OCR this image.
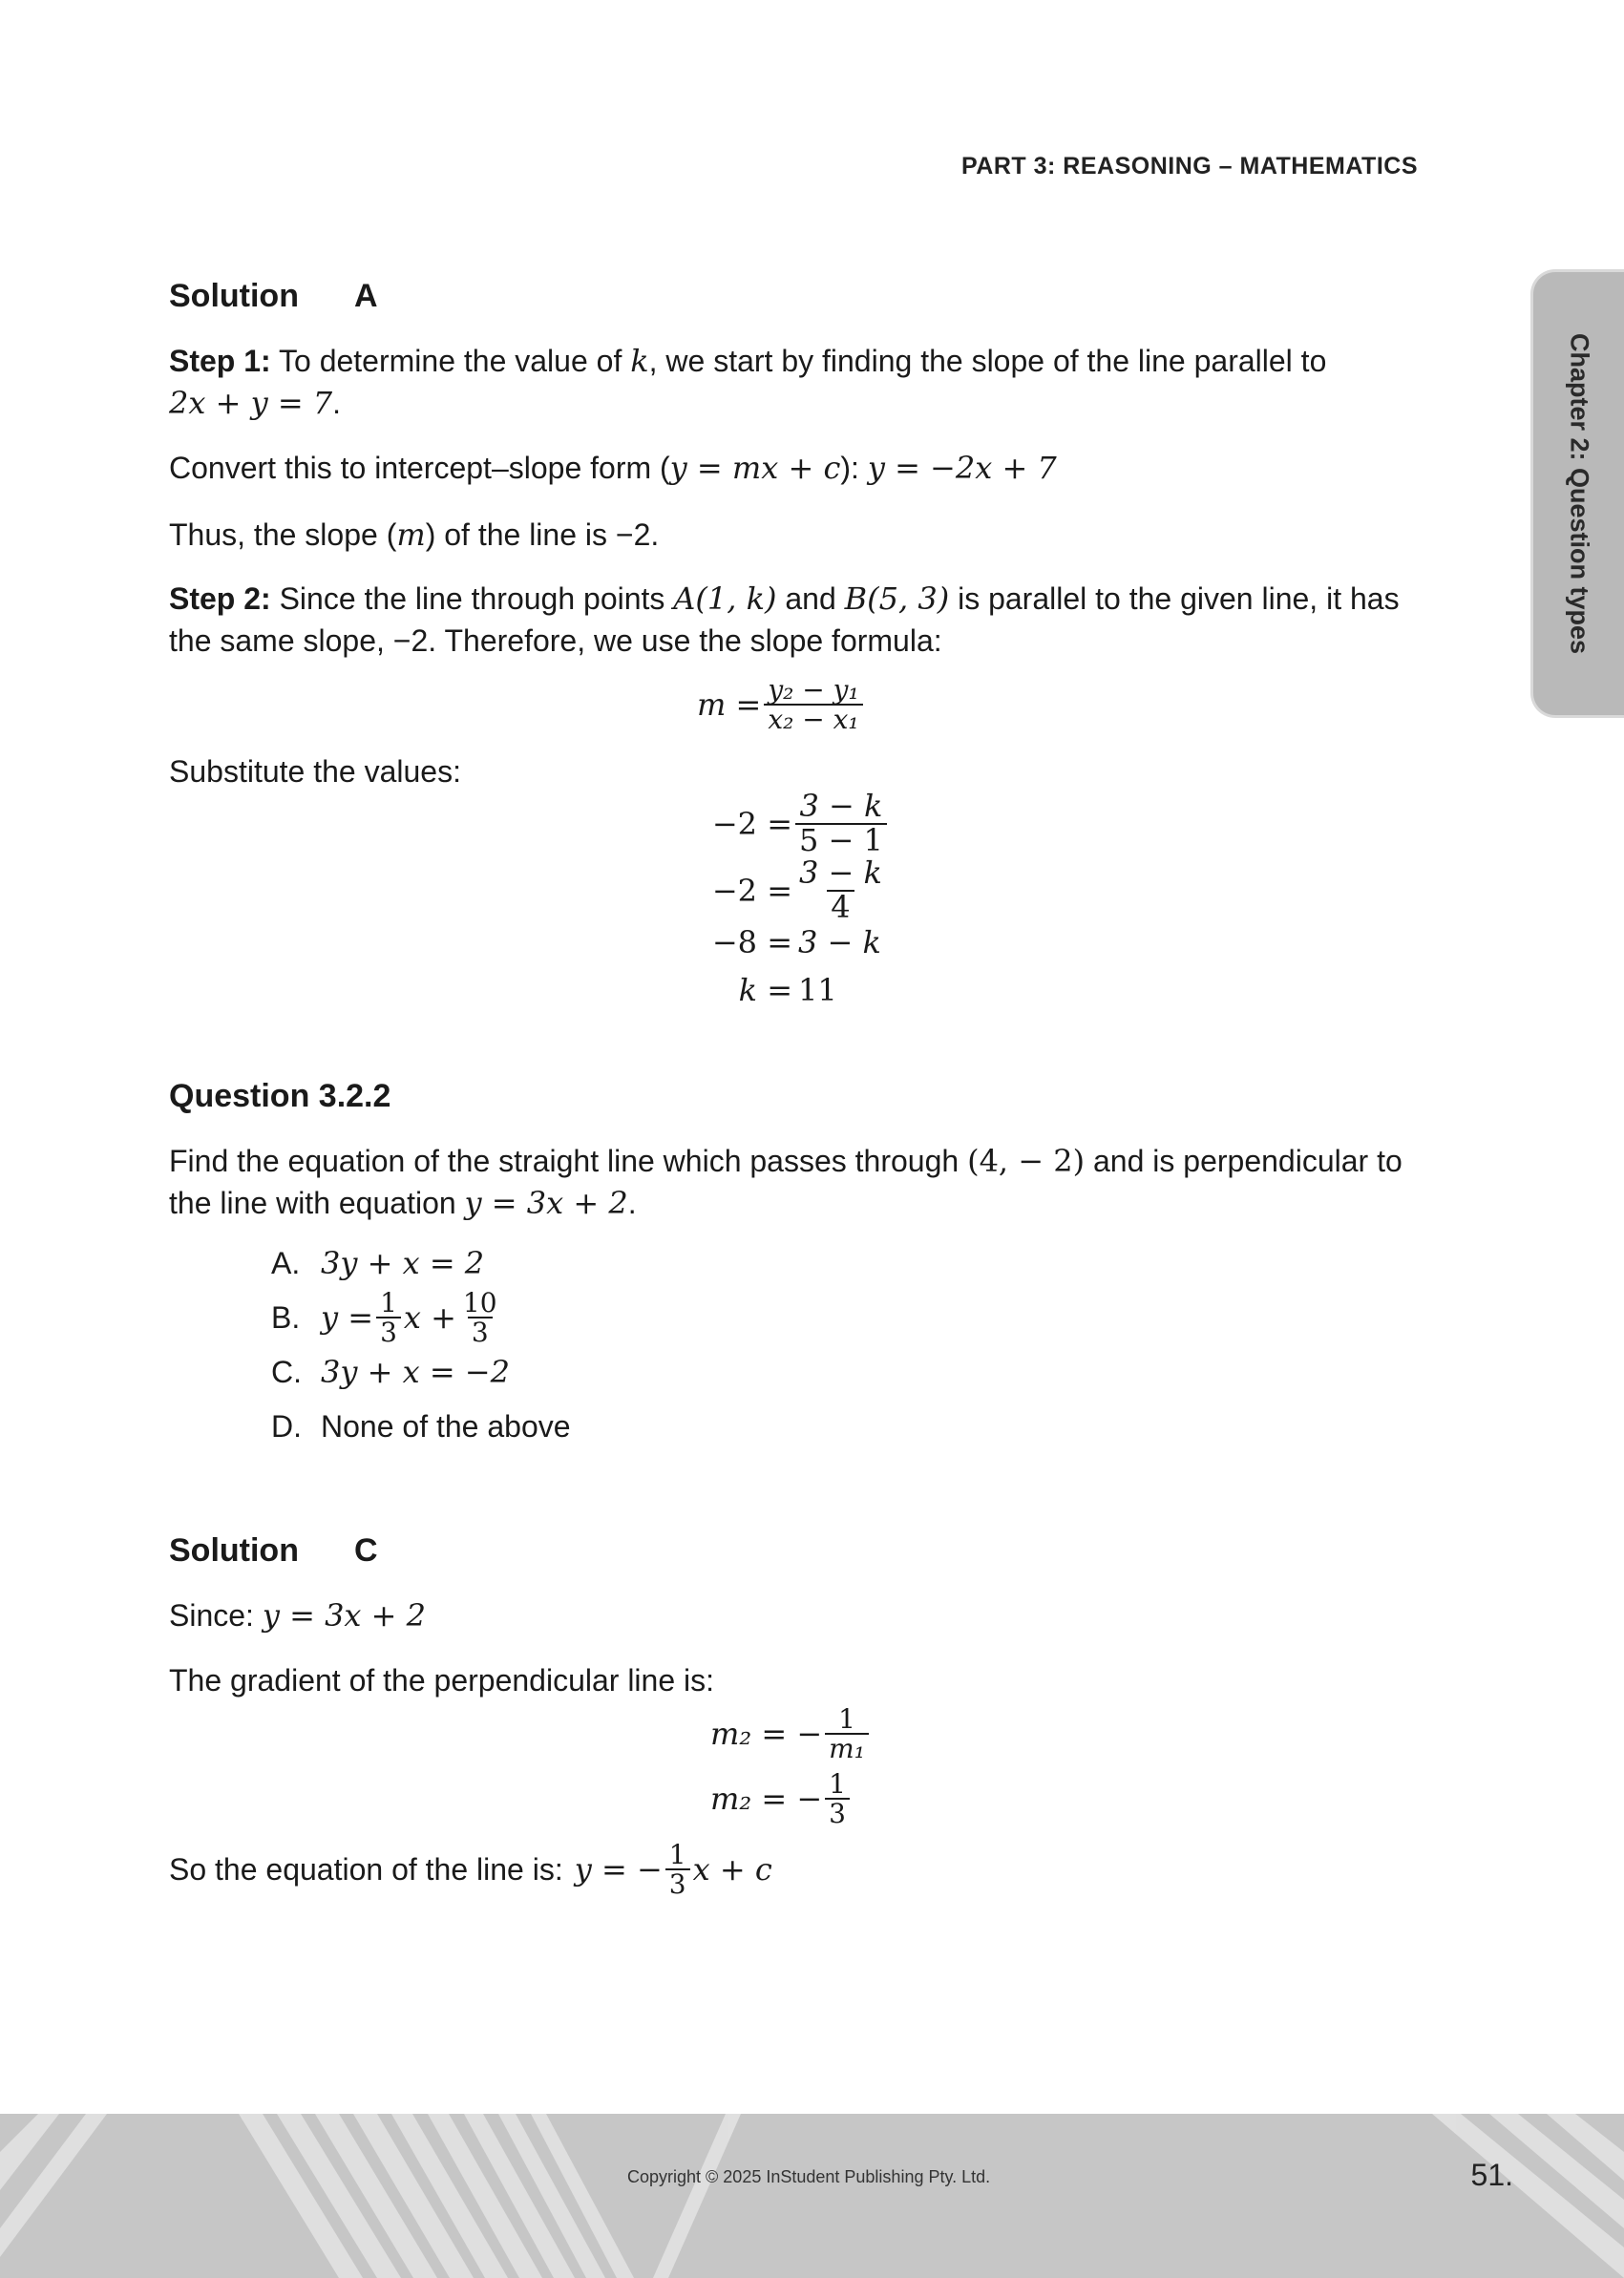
PART 3: REASONING – MATHEMATICS
Chapter 2: Question types
Solution A
Step 1: To determine the value of k, we start by finding the slope of the line parallel to
2x + y = 7.
Convert this to intercept–slope form (y = mx + c): y = −2x + 7
Thus, the slope (m) of the line is −2.
Step 2: Since the line through points A(1, k) and B(5, 3) is parallel to the given line, it has the same slope, −2. Therefore, we use the slope formula:
$m = \frac{\text{y₂ − y₁}}{\text{x₂ − x₁}}$
Substitute the values:
$-2 = \frac{3 - k}{5 - 1}$
$-2 = \frac{3 - k}{4}$
−8 = 3 − k
k = 11
Question 3.2.2
Find the equation of the straight line which passes through (4, − 2) and is perpendicular to the line with equation y = 3x + 2.
A. 3y + x = 2
B. $y = \frac{1}{3}$ $x + \frac{10}{3}$
C. 3y + x = −2
D. None of the above
Solution C
Since: y = 3x + 2
The gradient of the perpendicular line is:
m₂ = − $\frac{1}{\text{m₁}}$
m₂ = − $\frac{1}{3}$
So the equation of the line is: y = − $\frac{1}{3}$ x + c
Copyright © 2025 InStudent Publishing Pty. Ltd.	51.
